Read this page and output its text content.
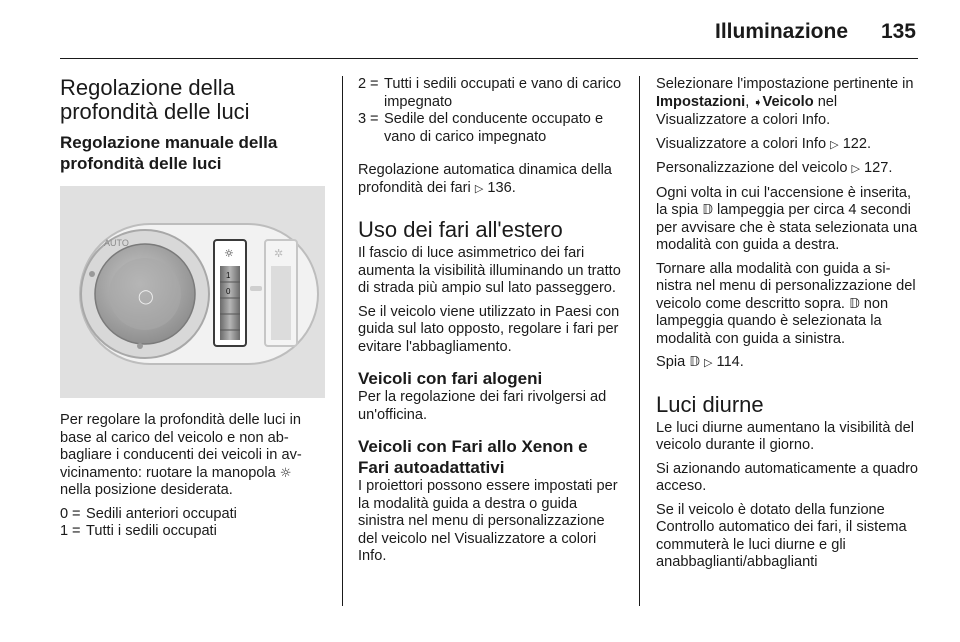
Illuminazione 135
Regolazione della profondità delle luci
Regolazione manuale della profondità delle luci
◯
AUTO
☼
1
0
✲

Per regolare la profondità delle luci in base al carico del veicolo e non abbagliare i conducenti dei veicoli in avvicinamento: ruotare la manopola ☼ nella posizione desiderata.

0 = Sedili anteriori occupati
1 = Tutti i sedili occupati
2 = Tutti i sedili occupati e vano di carico impegnato
3 = Sedile del conducente occupato e vano di carico impegnato

Regolazione automatica dinamica della profondità dei fari ▷ 136.

Uso dei fari all'estero

Il fascio di luce asimmetrico dei fari aumenta la visibilità illuminando un tratto di strada più ampio sul lato passeggero.

Se il veicolo viene utilizzato in Paesi con guida sul lato opposto, regolare i fari per evitare l'abbagliamento.

Veicoli con fari alogeni

Per la regolazione dei fari rivolgersi ad un'officina.

Veicoli con Fari allo Xenon e Fari autoadattativi

I proiettori possono essere impostati per la modalità guida a destra o guida sinistra nel menu di personalizzazione del veicolo nel Visualizzatore a colori Info.

Selezionare l'impostazione pertinente in Impostazioni, ➧Veicolo nel Visualizzatore a colori Info.

Visualizzatore a colori Info ▷ 122.

Personalizzazione del veicolo ▷ 127.

Ogni volta in cui l'accensione è inserita, la spia 𝔻 lampeggia per circa 4 secondi per avvisare che è stata selezionata una modalità con guida a destra.

Tornare alla modalità con guida a sinistra nel menu di personalizzazione del veicolo come descritto sopra. 𝔻 non lampeggia quando è selezionata la modalità con guida a sinistra.

Spia 𝔻 ▷ 114.

Luci diurne

Le luci diurne aumentano la visibilità del veicolo durante il giorno.

Si azionando automaticamente a quadro acceso.

Se il veicolo è dotato della funzione Controllo automatico dei fari, il sistema commuterà le luci diurne e gli anabbaglianti/abbaglianti
